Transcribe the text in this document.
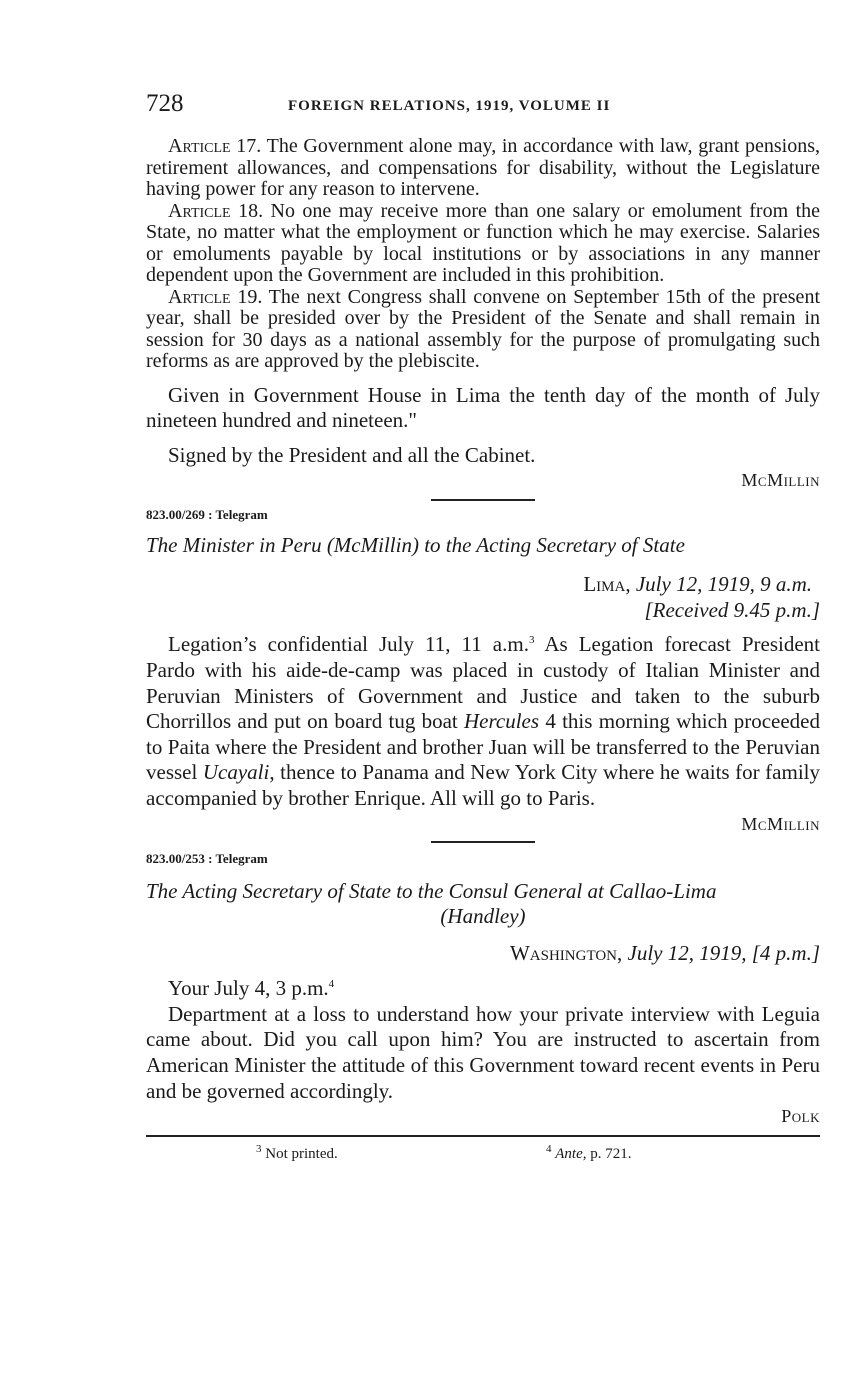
728	FOREIGN RELATIONS, 1919, VOLUME II

Article 17. The Government alone may, in accordance with law, grant pensions, retirement allowances, and compensations for disability, without the Legislature having power for any reason to intervene.

Article 18. No one may receive more than one salary or emolument from the State, no matter what the employment or function which he may exercise. Salaries or emoluments payable by local institutions or by associations in any manner dependent upon the Government are included in this prohibition.

Article 19. The next Congress shall convene on September 15th of the present year, shall be presided over by the President of the Senate and shall remain in session for 30 days as a national assembly for the purpose of promulgating such reforms as are approved by the plebiscite.

Given in Government House in Lima the tenth day of the month of July nineteen hundred and nineteen."

Signed by the President and all the Cabinet.

McMillin
823.00/269 : Telegram
The Minister in Peru (McMillin) to the Acting Secretary of State
Lima, July 12, 1919, 9 a.m.
[Received 9.45 p.m.]

Legation’s confidential July 11, 11 a.m.$^3$ As Legation forecast President Pardo with his aide-de-camp was placed in custody of Italian Minister and Peruvian Ministers of Government and Justice and taken to the suburb Chorrillos and put on board tug boat Hercules 4 this morning which proceeded to Paita where the President and brother Juan will be transferred to the Peruvian vessel Ucayali, thence to Panama and New York City where he waits for family accompanied by brother Enrique. All will go to Paris.

McMillin
823.00/253 : Telegram
The Acting Secretary of State to the Consul General at Callao-Lima
(Handley)
Washington, July 12, 1919, [4 p.m.]

Your July 4, 3 p.m.$^4$

Department at a loss to understand how your private interview with Leguia came about. Did you call upon him? You are instructed to ascertain from American Minister the attitude of this Government toward recent events in Peru and be governed accordingly.

Polk
$^3$ Not printed.	$^4$ Ante, p. 721.
